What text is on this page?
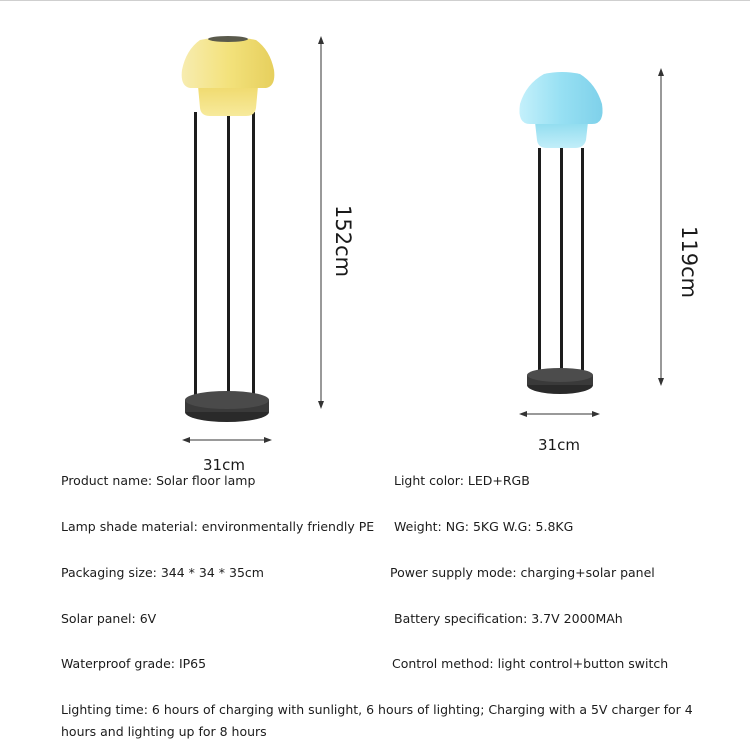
152cm
31cm
119cm
31cm
Product name: Solar floor lamp	Light color: LED+RGB
Lamp shade material: environmentally friendly PE Weight: NG: 5KG W.G: 5.8KG
Packaging size: 344 * 34 * 35cm	Power supply mode: charging+solar panel
Solar panel: 6V	Battery specification: 3.7V 2000MAh
Waterproof grade: IP65	Control method: light control+button switch
Lighting time: 6 hours of charging with sunlight, 6 hours of lighting; Charging with a 5V charger for 4 hours and lighting up for 8 hours
